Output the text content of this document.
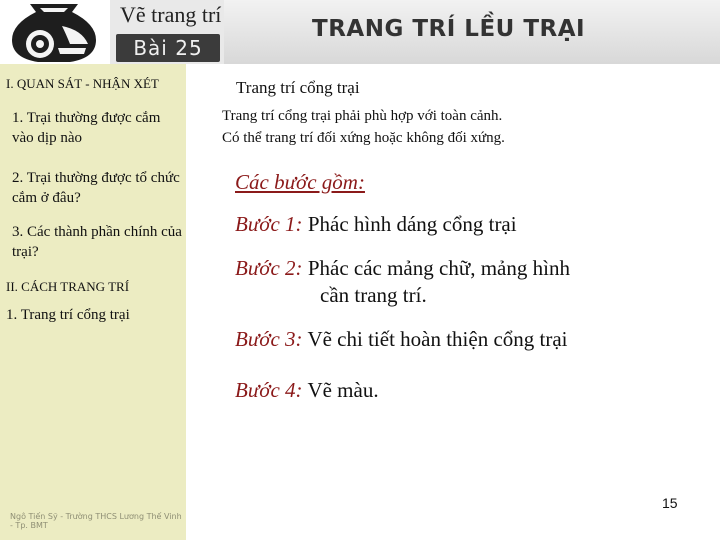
Vẽ trang trí
Bài 25
TRANG TRÍ LỀU TRẠI
I. QUAN SÁT - NHẬN XÉT
1. Trại thường được cắm vào dịp nào
2. Trại thường được tổ chức cắm ở đâu?
3. Các thành phần chính của trại?
II. CÁCH TRANG TRÍ
1. Trang trí cổng trại
Ngô Tiến Sỹ - Trường THCS Lương Thế Vinh - Tp. BMT
Trang trí cổng trại
Trang trí cổng trại phải phù hợp với toàn cảnh.
Có thể trang trí đối xứng hoặc không đối xứng.
Các bước gồm:
Bước 1: Phác hình dáng cổng trại
Bước 2: Phác các mảng chữ, mảng hình
cần trang trí.
Bước 3: Vẽ chi tiết hoàn thiện cổng trại
Bước 4: Vẽ màu.
15
